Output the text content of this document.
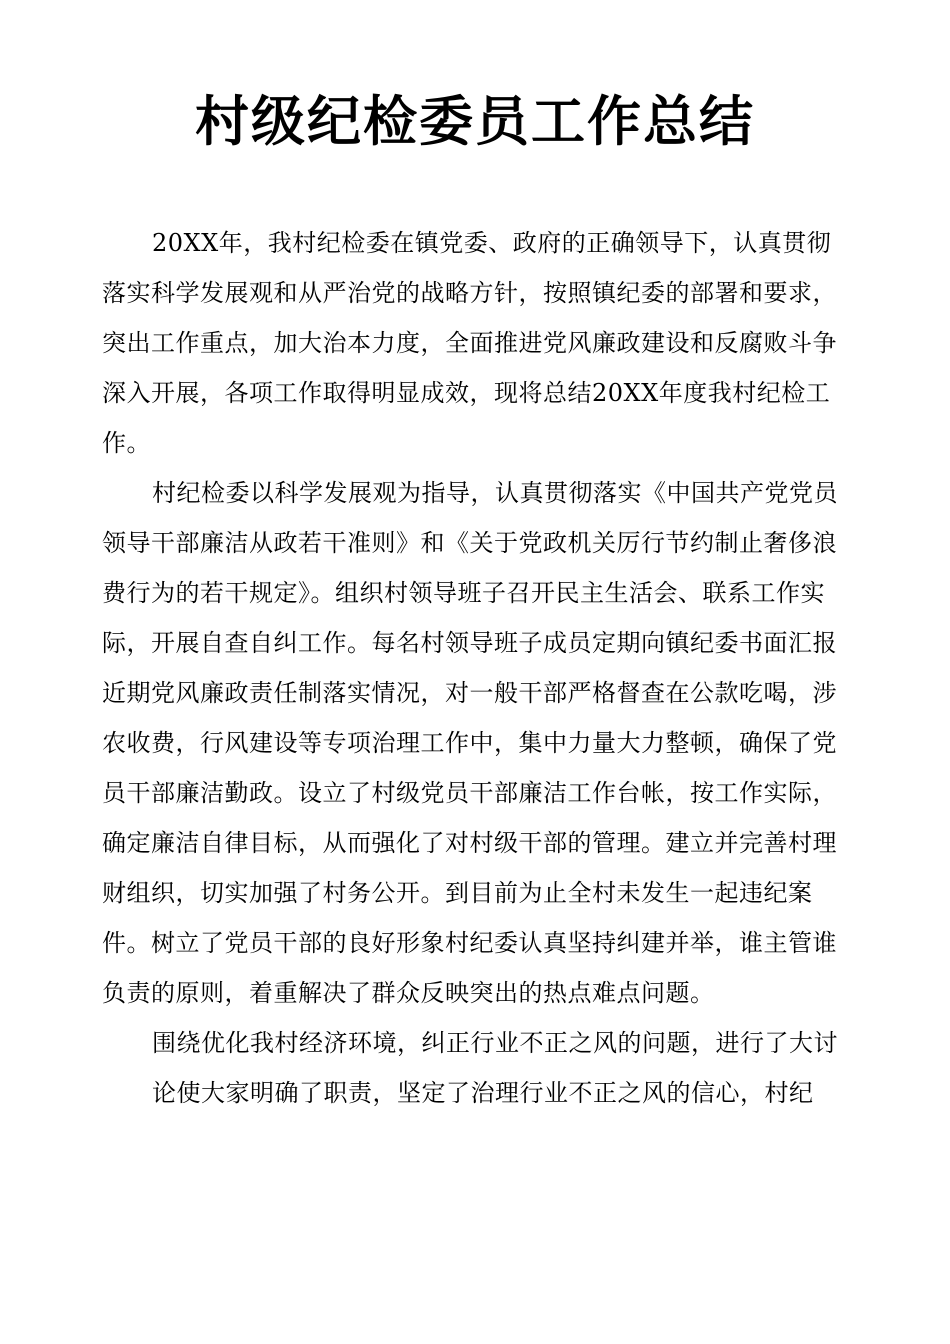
村级纪检委员工作总结

20XX年，我村纪检委在镇党委、政府的正确领导下，认真贯彻落实科学发展观和从严治党的战略方针，按照镇纪委的部署和要求，突出工作重点，加大治本力度，全面推进党风廉政建设和反腐败斗争深入开展，各项工作取得明显成效，现将总结20XX年度我村纪检工作。

村纪检委以科学发展观为指导，认真贯彻落实《中国共产党党员领导干部廉洁从政若干准则》和《关于党政机关厉行节约制止奢侈浪费行为的若干规定》。组织村领导班子召开民主生活会、联系工作实际，开展自查自纠工作。每名村领导班子成员定期向镇纪委书面汇报近期党风廉政责任制落实情况，对一般干部严格督查在公款吃喝，涉农收费，行风建设等专项治理工作中，集中力量大力整顿，确保了党员干部廉洁勤政。设立了村级党员干部廉洁工作台帐，按工作实际，确定廉洁自律目标，从而强化了对村级干部的管理。建立并完善村理财组织，切实加强了村务公开。到目前为止全村未发生一起违纪案件。树立了党员干部的良好形象村纪委认真坚持纠建并举，谁主管谁负责的原则，着重解决了群众反映突出的热点难点问题。

围绕优化我村经济环境，纠正行业不正之风的问题，进行了大讨

论使大家明确了职责，坚定了治理行业不正之风的信心，村纪
